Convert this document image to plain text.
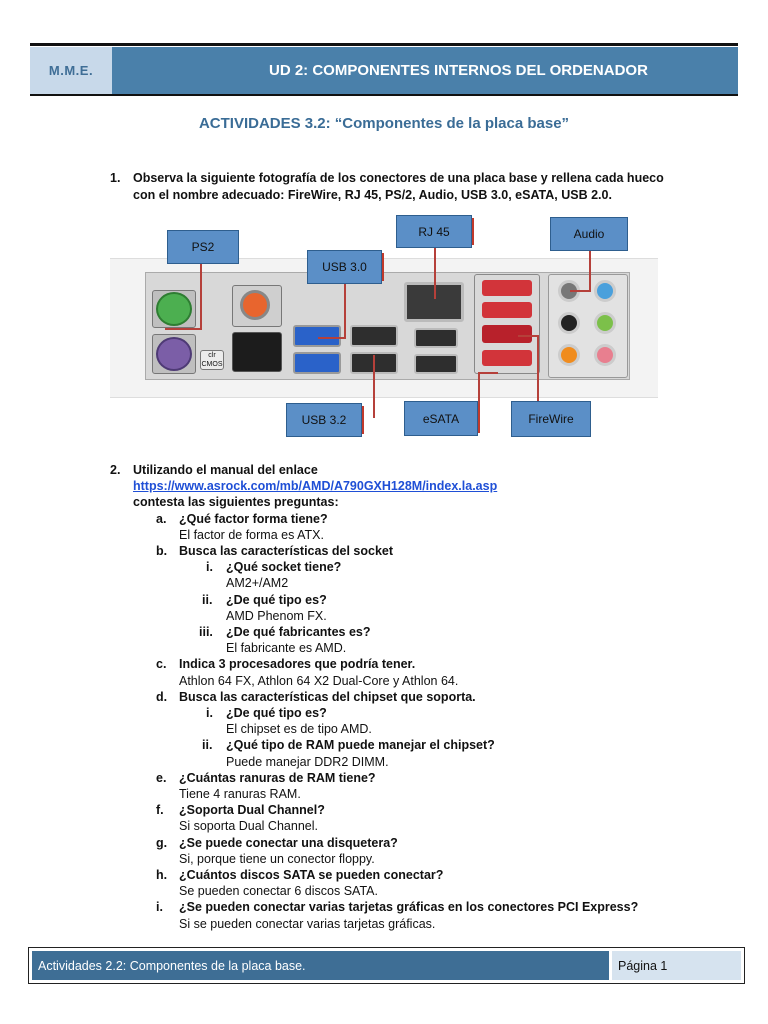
M.M.E.	UD 2: COMPONENTES INTERNOS DEL ORDENADOR
ACTIVIDADES 3.2: “Componentes de la placa base”
1. Observa la siguiente fotografía de los conectores de una placa base y rellena cada hueco con el nombre adecuado: FireWire, RJ 45, PS/2, Audio, USB 3.0, eSATA, USB 2.0.
clr CMOS
PS2
RJ 45	Audio
USB 3.0
USB 3.2	eSATA	FireWire
2. Utilizando el manual del enlace
https://www.asrock.com/mb/AMD/A790GXH128M/index.la.asp
contesta las siguientes preguntas:
a. ¿Qué factor forma tiene?
El factor de forma es ATX.
b. Busca las características del socket
i. ¿Qué socket tiene?
AM2+/AM2
ii. ¿De qué tipo es?
AMD Phenom FX.
iii. ¿De qué fabricantes es?
El fabricante es AMD.
c. Indica 3 procesadores que podría tener.
Athlon 64 FX, Athlon 64 X2 Dual-Core y Athlon 64.
d. Busca las características del chipset que soporta.
i. ¿De qué tipo es?
El chipset es de tipo AMD.
ii. ¿Qué tipo de RAM puede manejar el chipset?
Puede manejar DDR2 DIMM.
e. ¿Cuántas ranuras de RAM tiene?
Tiene 4 ranuras RAM.
f. ¿Soporta Dual Channel?
Si soporta Dual Channel.
g. ¿Se puede conectar una disquetera?
Si, porque tiene un conector floppy.
h. ¿Cuántos discos SATA se pueden conectar?
Se pueden conectar 6 discos SATA.
i. ¿Se pueden conectar varias tarjetas gráficas en los conectores PCI Express?
Si se pueden conectar varias tarjetas gráficas.
Actividades 2.2: Componentes de la placa base.	Página 1
